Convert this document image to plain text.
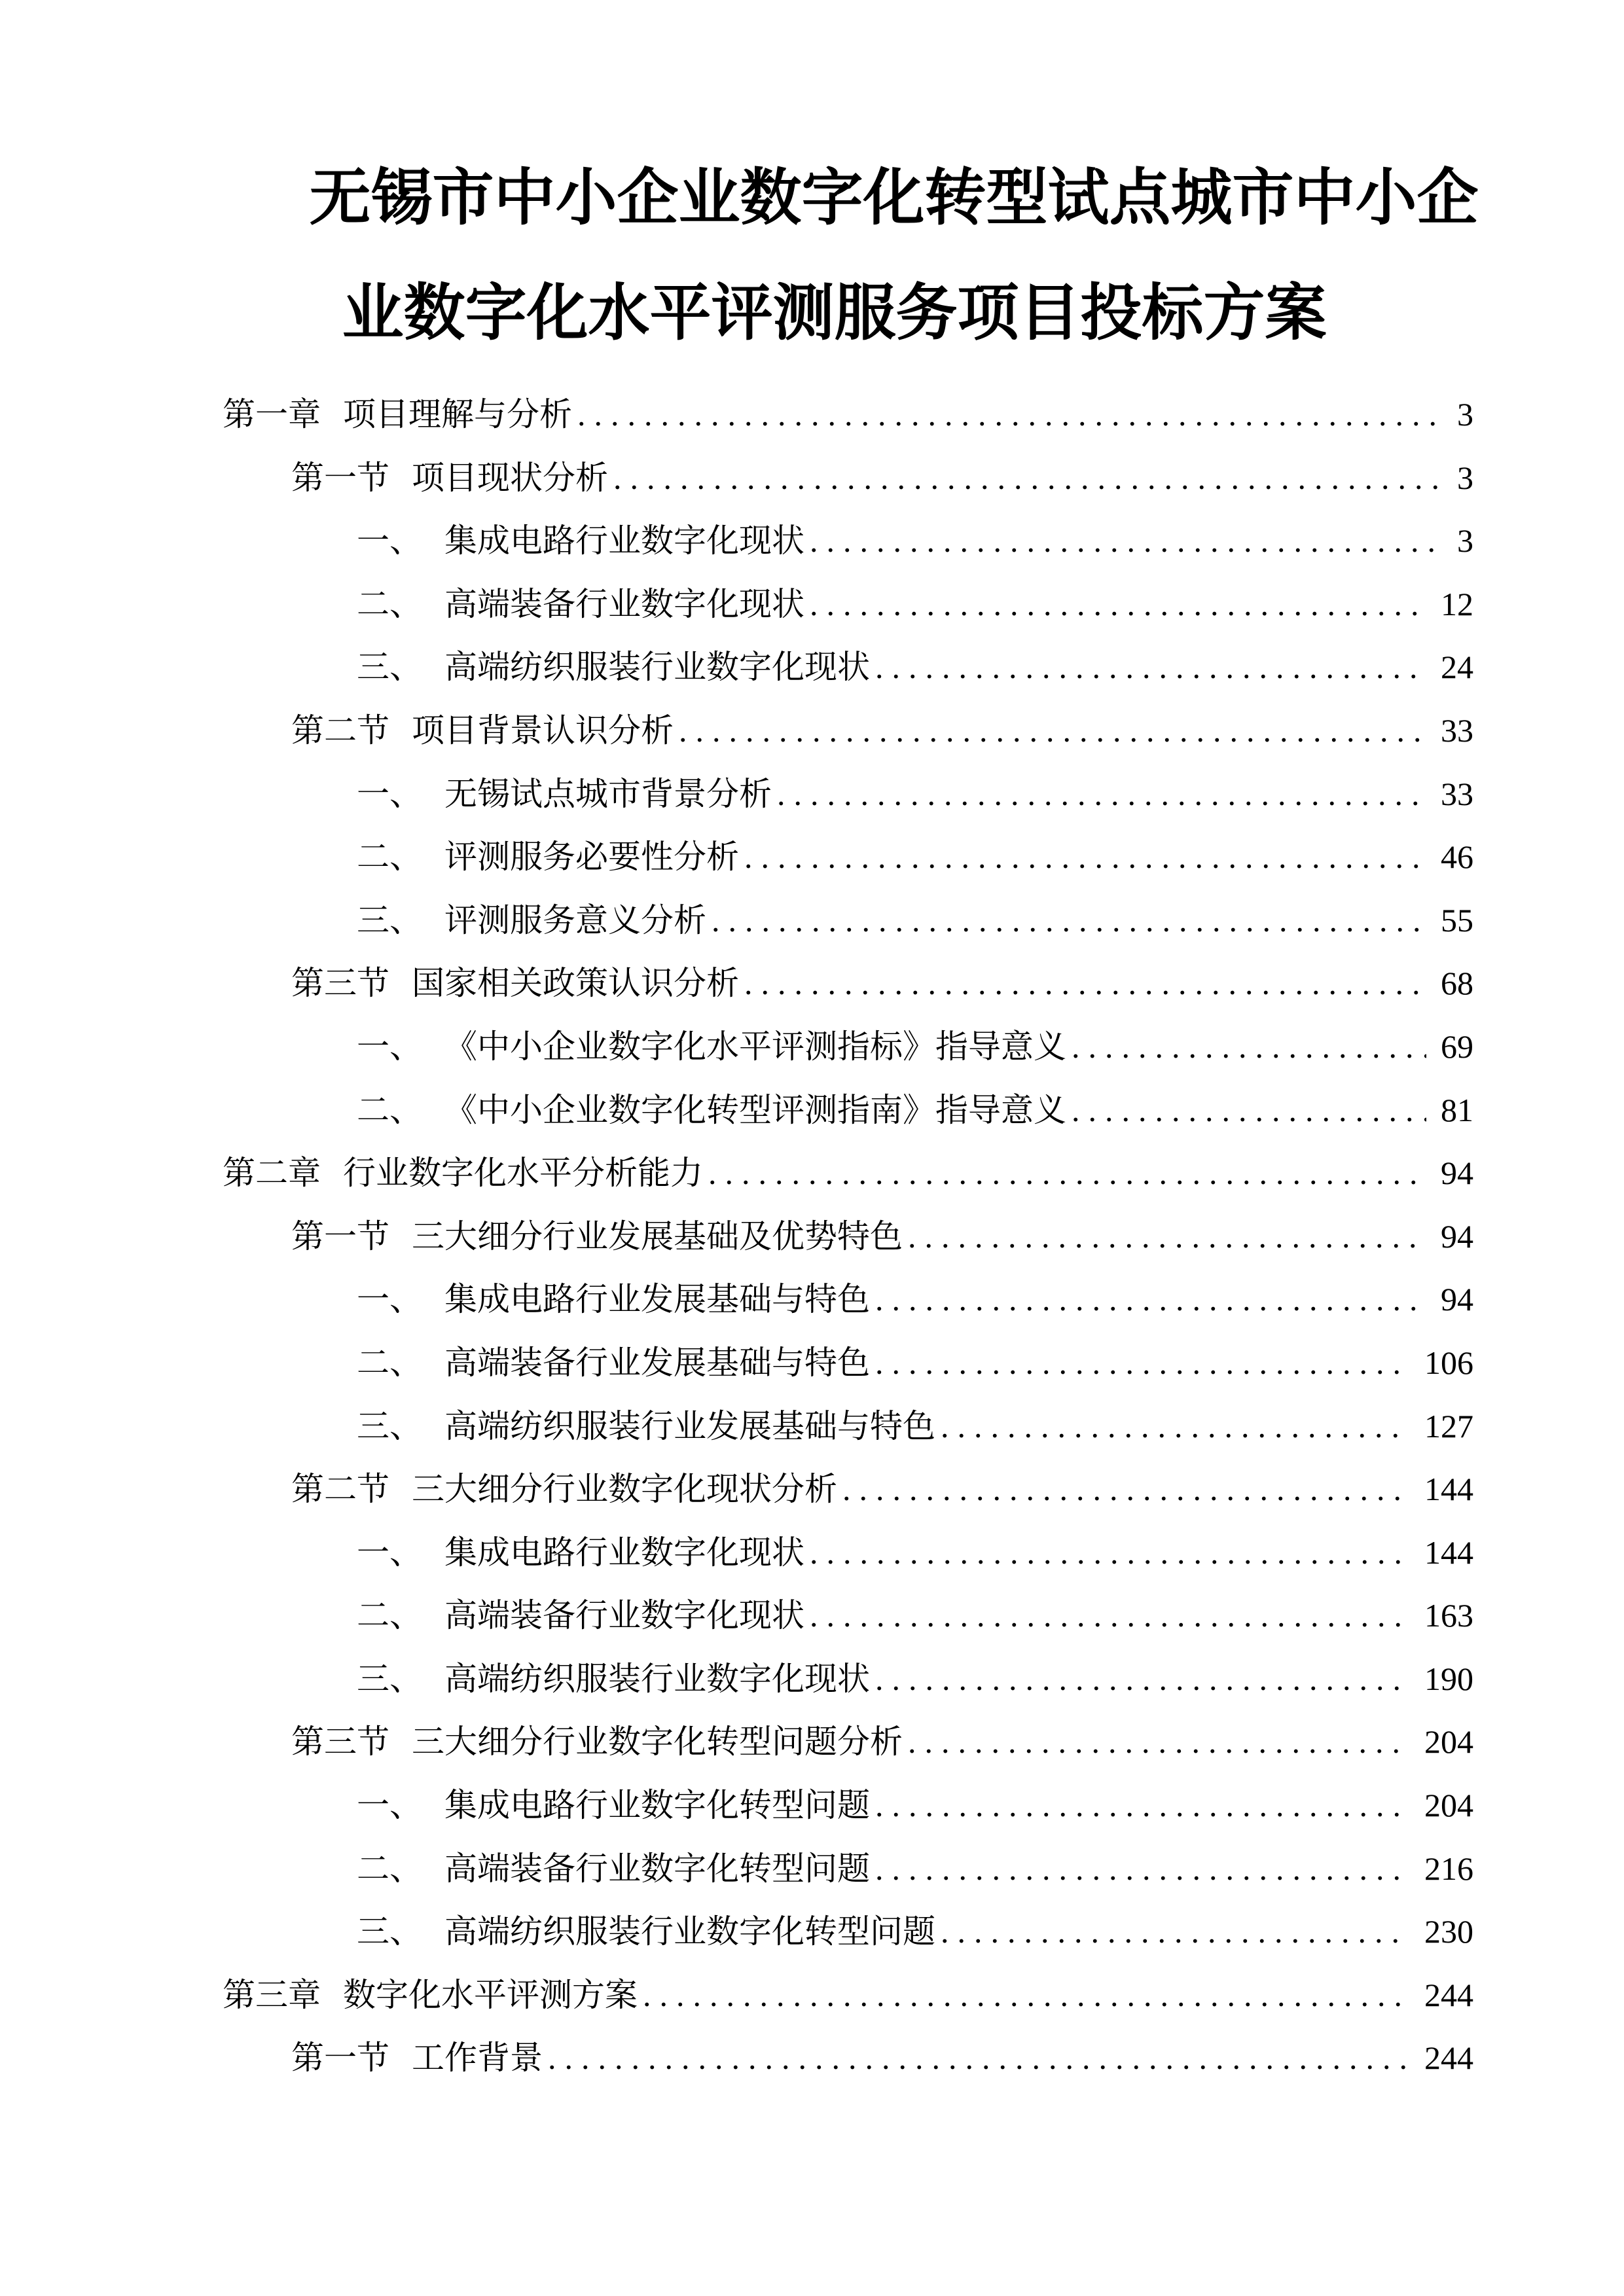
无锡市中小企业数字化转型试点城市中小企
业数字化水平评测服务项目投标方案
第一章 项目理解与分析 .....	3
第一节 项目现状分析 .....	3
一、 集成电路行业数字化现状 .....	3
二、 高端装备行业数字化现状 .....	12
三、 高端纺织服装行业数字化现状 .....	24
第二节 项目背景认识分析 .....	33
一、 无锡试点城市背景分析 .....	33
二、 评测服务必要性分析 .....	46
三、 评测服务意义分析 .....	55
第三节 国家相关政策认识分析 .....	68
一、 《中小企业数字化水平评测指标》指导意义 .....	69
二、 《中小企业数字化转型评测指南》指导意义 .....	81
第二章 行业数字化水平分析能力 .....	94
第一节 三大细分行业发展基础及优势特色 .....	94
一、 集成电路行业发展基础与特色 .....	94
二、 高端装备行业发展基础与特色 .....	106
三、 高端纺织服装行业发展基础与特色 .....	127
第二节 三大细分行业数字化现状分析 .....	144
一、 集成电路行业数字化现状 .....	144
二、 高端装备行业数字化现状 .....	163
三、 高端纺织服装行业数字化现状 .....	190
第三节 三大细分行业数字化转型问题分析 .....	204
一、 集成电路行业数字化转型问题 .....	204
二、 高端装备行业数字化转型问题 .....	216
三、 高端纺织服装行业数字化转型问题 .....	230
第三章 数字化水平评测方案 .....	244
第一节 工作背景 .....	244
